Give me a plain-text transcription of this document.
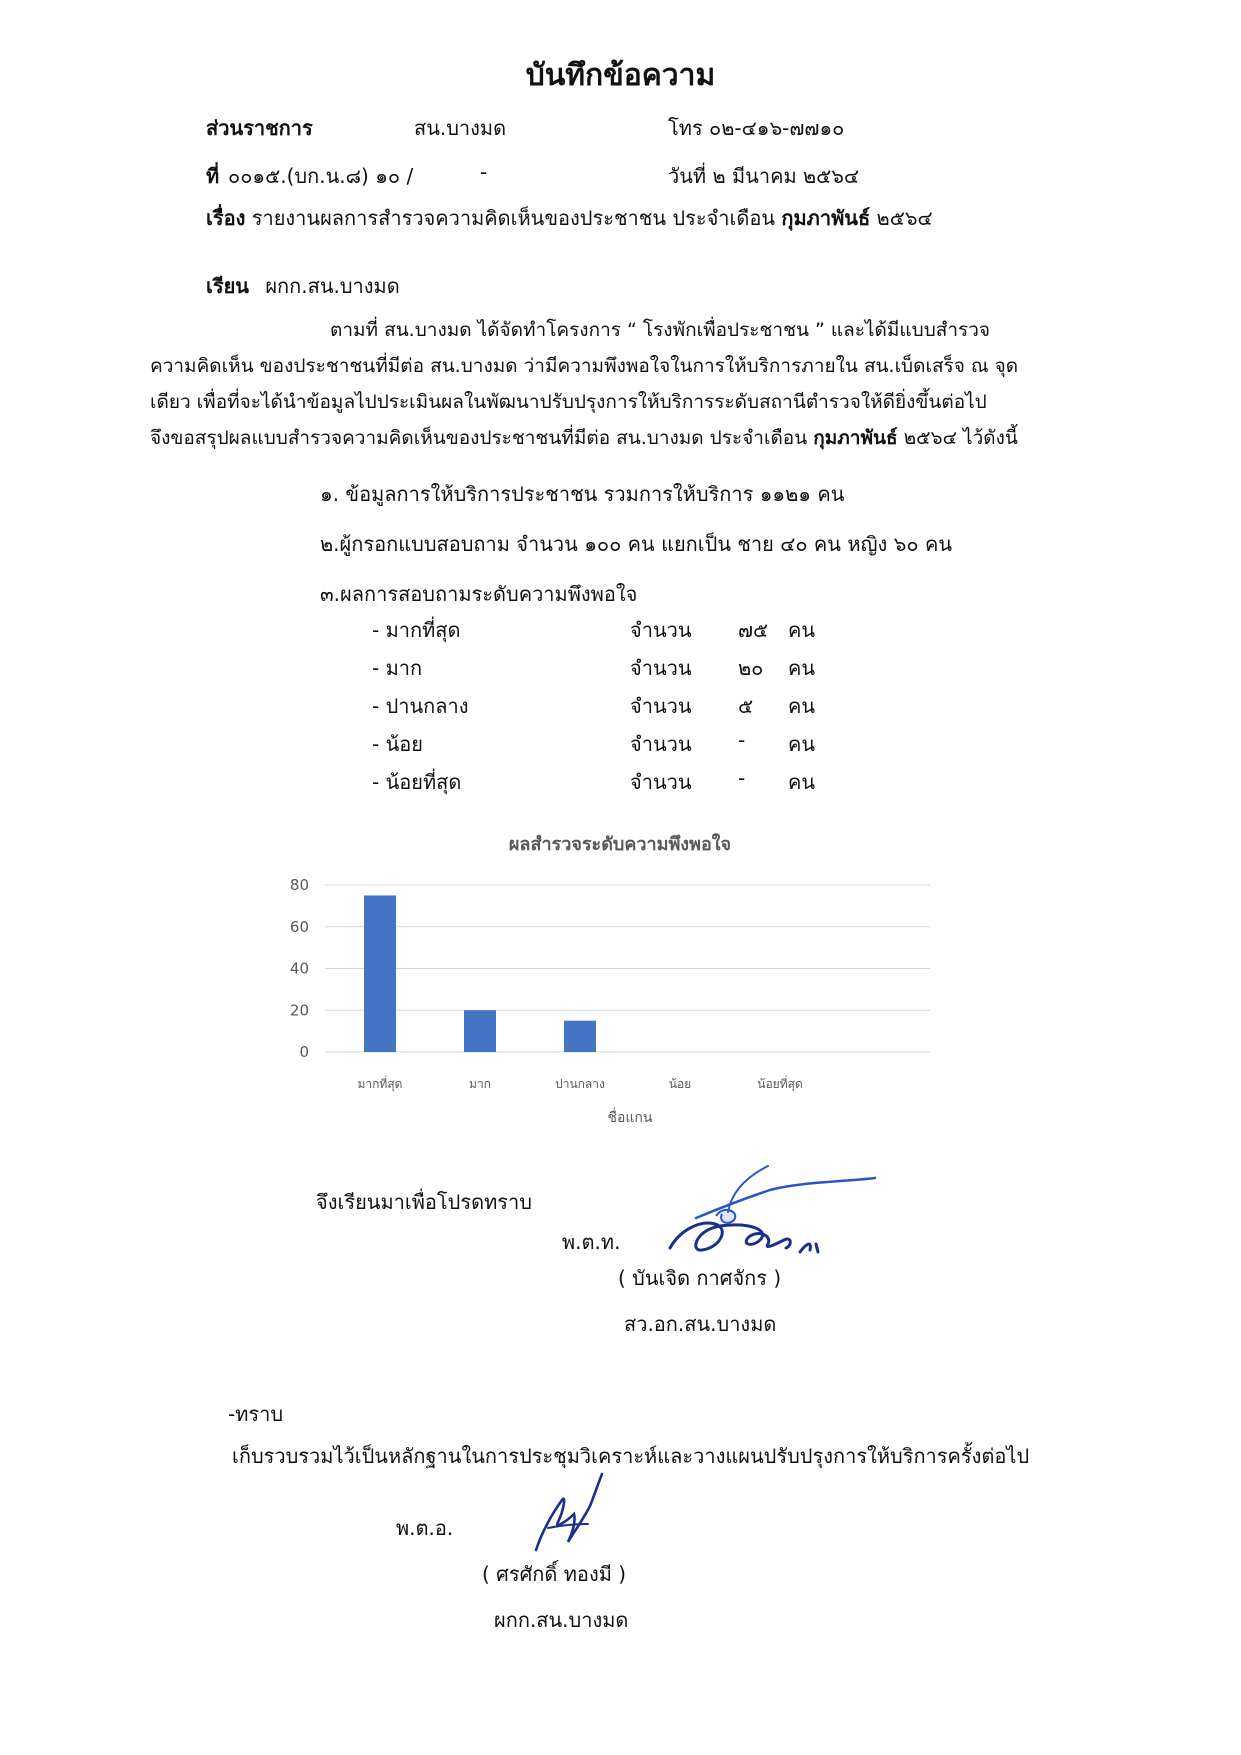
บันทึกข้อความ
ส่วนราชการ	สน.บางมด	โทร ๐๒-๔๑๖-๗๗๑๐
ที่ ๐๐๑๕.(บก.น.๘) ๑๐ /	-	วันที่ ๒ มีนาคม ๒๕๖๔
เรื่อง รายงานผลการสำรวจความคิดเห็นของประชาชน ประจำเดือน กุมภาพันธ์ ๒๕๖๔
เรียน ผกก.สน.บางมด
ตามที่ สน.บางมด ได้จัดทำโครงการ “ โรงพักเพื่อประชาชน ” และได้มีแบบสำรวจ
ความคิดเห็น ของประชาชนที่มีต่อ สน.บางมด ว่ามีความพึงพอใจในการให้บริการภายใน สน.เบ็ดเสร็จ ณ จุด
เดียว เพื่อที่จะได้นำข้อมูลไปประเมินผลในพัฒนาปรับปรุงการให้บริการระดับสถานีตำรวจให้ดียิ่งขึ้นต่อไป
จึงขอสรุปผลแบบสำรวจความคิดเห็นของประชาชนที่มีต่อ สน.บางมด ประจำเดือน กุมภาพันธ์ ๒๕๖๔ ไว้ดังนี้
๑. ข้อมูลการให้บริการประชาชน รวมการให้บริการ ๑๑๒๑ คน
๒.ผู้กรอกแบบสอบถาม จำนวน ๑๐๐ คน แยกเป็น ชาย ๔๐ คน หญิง ๖๐ คน
๓.ผลการสอบถามระดับความพึงพอใจ
- มากที่สุด	จำนวน ๗๕ คน
- มาก	จำนวน ๒๐ คน
- ปานกลาง	จำนวน ๕ คน
- น้อย	จำนวน - คน
- น้อยที่สุด	จำนวน - คน
ผลสำรวจระดับความพึงพอใจ
0
20
40
60
80
มากที่สุด	มาก	ปานกลาง	น้อย	น้อยที่สุด
ชื่อแกน
จึงเรียนมาเพื่อโปรดทราบ
พ.ต.ท.
( บันเจิด กาศจักร )
สว.อก.สน.บางมด
-ทราบ
เก็บรวบรวมไว้เป็นหลักฐานในการประชุมวิเคราะห์และวางแผนปรับปรุงการให้บริการครั้งต่อไป
พ.ต.อ.
( ศรศักดิ์ ทองมี )
ผกก.สน.บางมด
